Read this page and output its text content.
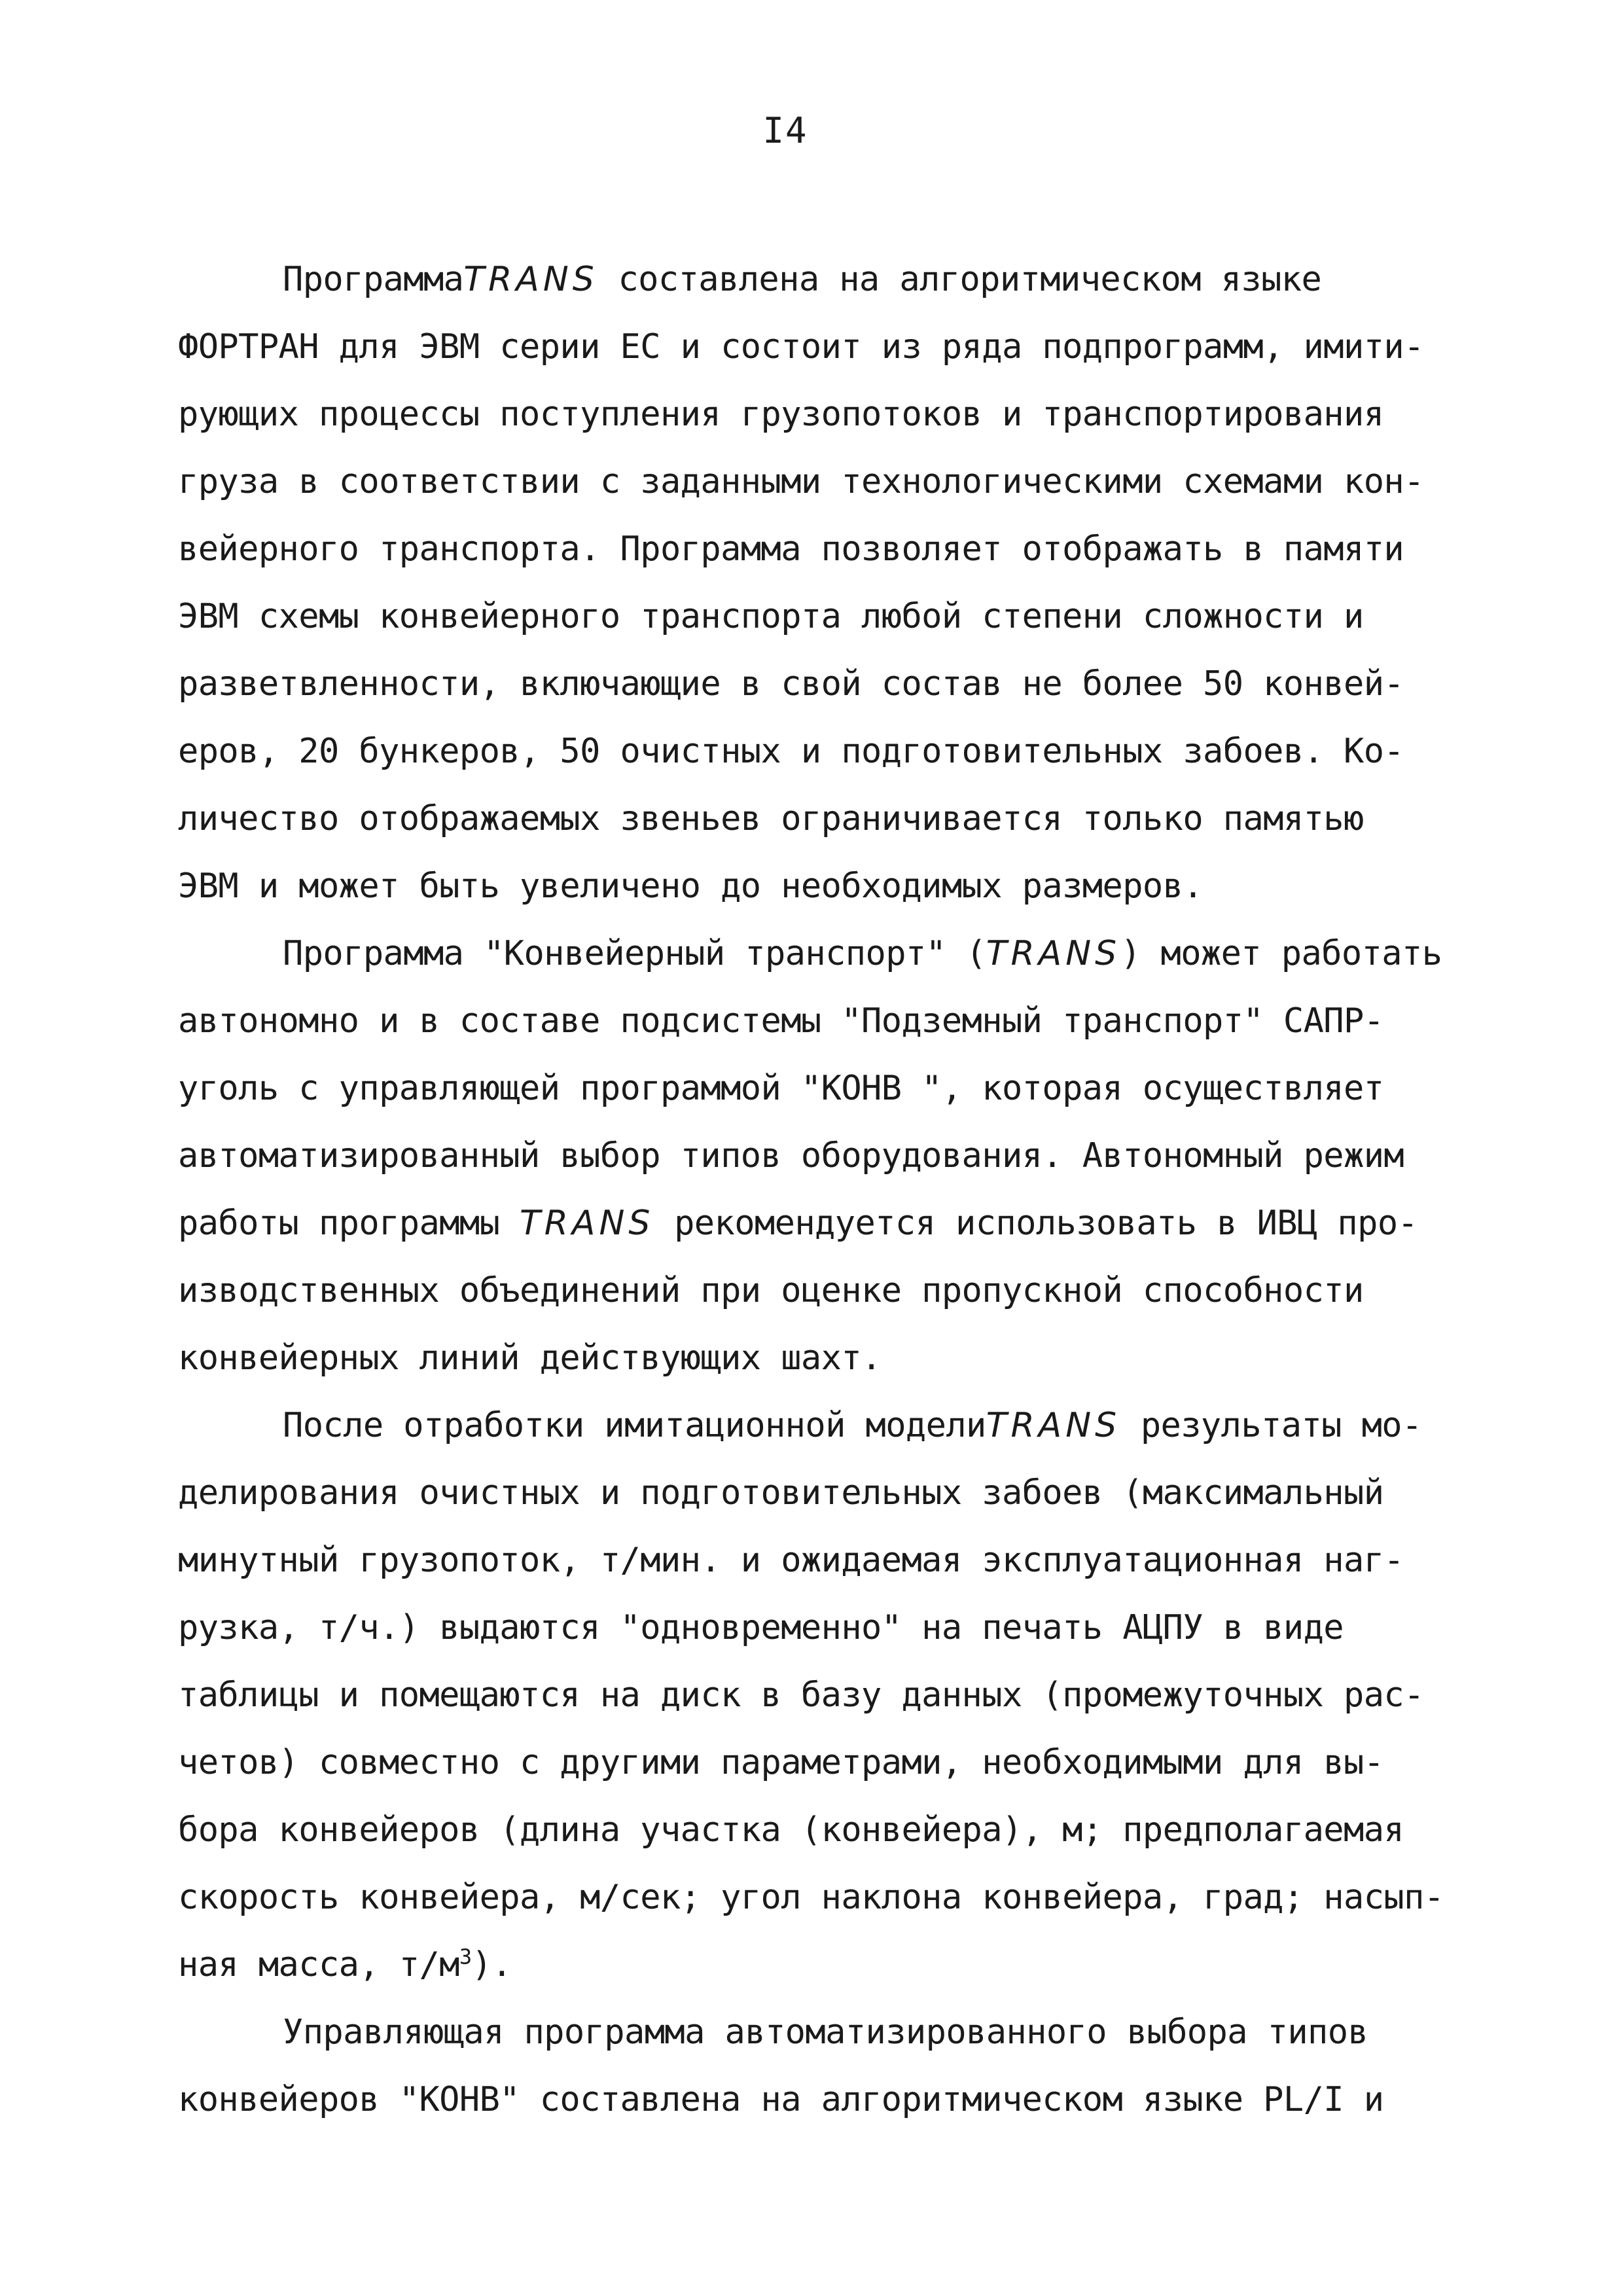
I4
ПрограммаTRANS составлена на алгоритмическом языке
ФОРТРАН для ЭВМ серии ЕС и состоит из ряда подпрограмм, имити-
рующих процессы поступления грузопотоков и транспортирования
груза в соответствии с заданными технологическими схемами кон-
вейерного транспорта. Программа позволяет отображать в памяти
ЭВМ схемы конвейерного транспорта любой степени сложности и
разветвленности, включающие в свой состав не более 50 конвей-
еров, 20 бункеров, 50 очистных и подготовительных забоев. Ко-
личество отображаемых звеньев ограничивается только памятью
ЭВМ и может быть увеличено до необходимых размеров.
Программа "Конвейерный транспорт" (TRANS) может работать
автономно и в составе подсистемы "Подземный транспорт" САПР-
уголь с управляющей программой "КОНВ ", которая осуществляет
автоматизированный выбор типов оборудования. Автономный режим
работы программы TRANS рекомендуется использовать в ИВЦ про-
изводственных объединений при оценке пропускной способности
конвейерных линий действующих шахт.
После отработки имитационной моделиTRANS результаты мо-
делирования очистных и подготовительных забоев (максимальный
минутный грузопоток, т/мин. и ожидаемая эксплуатационная наг-
рузка, т/ч.) выдаются "одновременно" на печать АЦПУ в виде
таблицы и помещаются на диск в базу данных (промежуточных рас-
четов) совместно с другими параметрами, необходимыми для вы-
бора конвейеров (длина участка (конвейера), м; предполагаемая
скорость конвейера, м/сек; угол наклона конвейера, град; насып-
ная масса, $т/м^3$).
Управляющая программа автоматизированного выбора типов
конвейеров "КОНВ" составлена на алгоритмическом языке PL/I и
